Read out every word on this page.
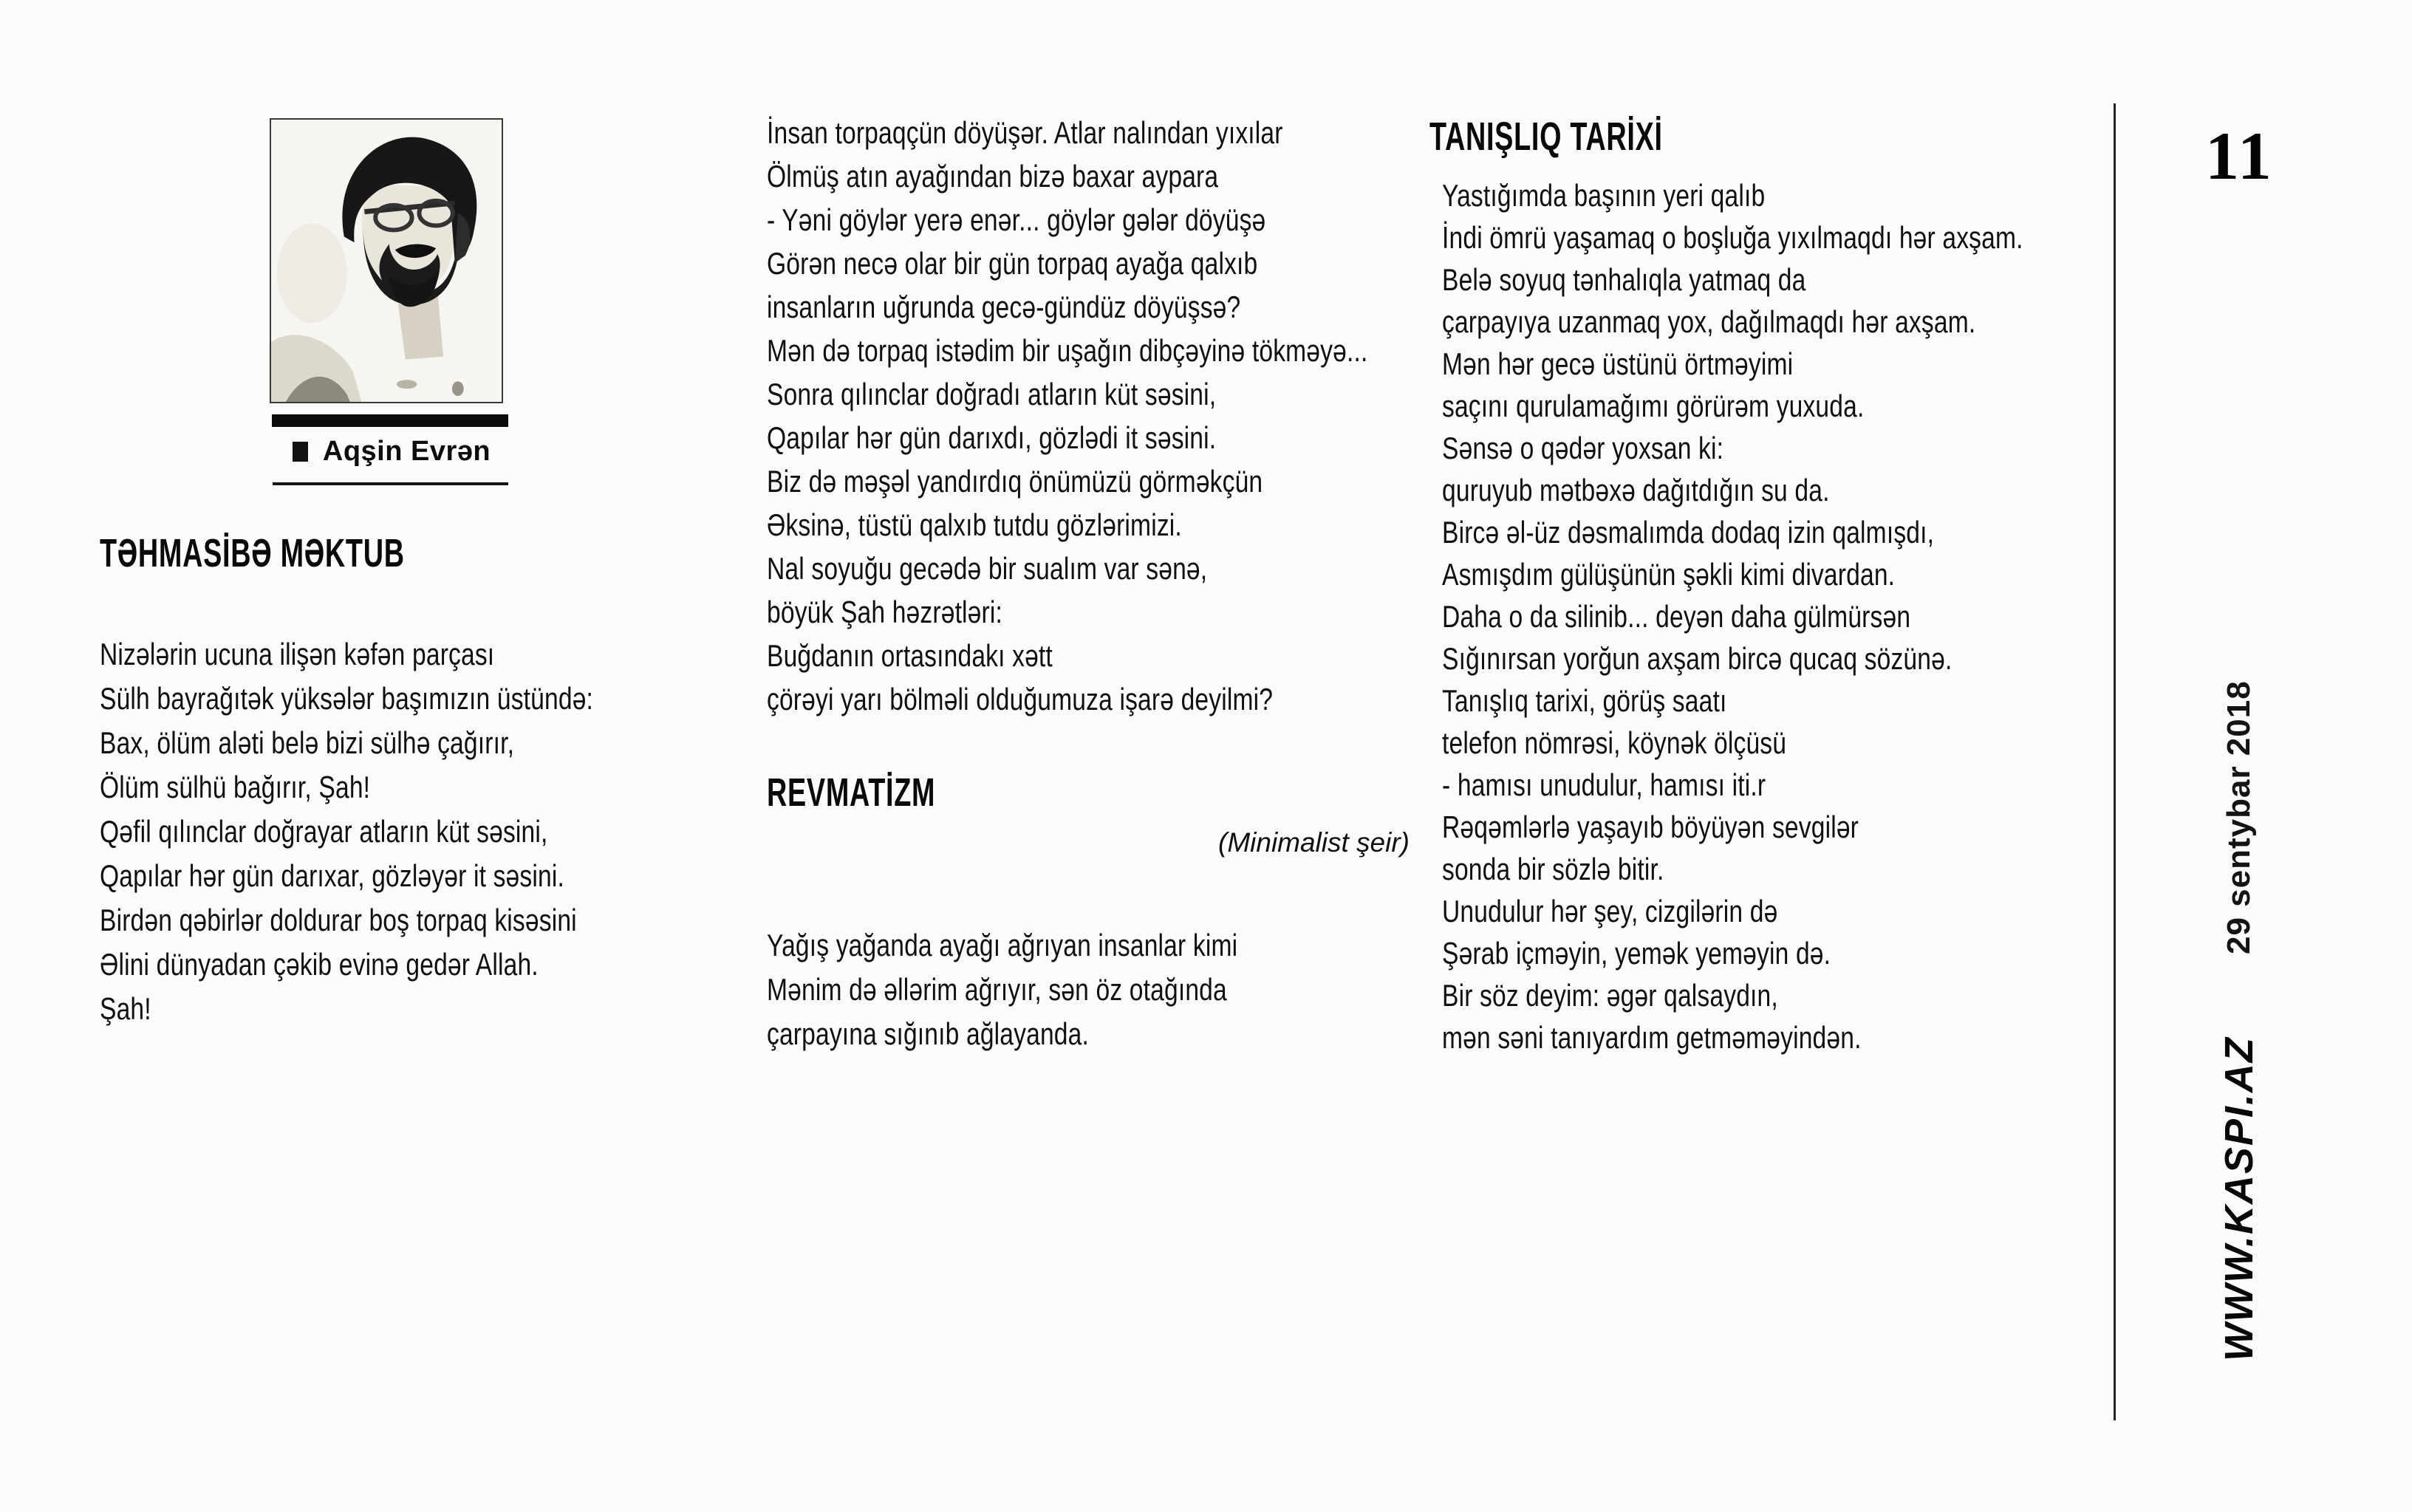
Aqşin Evrən
TƏHMASİBƏ MƏKTUB
Nizələrin ucuna ilişən kəfən parçası
Sülh bayrağıtək yüksələr başımızın üstündə:
Bax, ölüm aləti belə bizi sülhə çağırır,
Ölüm sülhü bağırır, Şah!
Qəfil qılınclar doğrayar atların küt səsini,
Qapılar hər gün darıxar, gözləyər it səsini.
Birdən qəbirlər doldurar boş torpaq kisəsini
Əlini dünyadan çəkib evinə gedər Allah.
Şah!
İnsan torpaqçün döyüşər. Atlar nalından yıxılar
Ölmüş atın ayağından bizə baxar aypara
- Yəni göylər yerə enər... göylər gələr döyüşə
Görən necə olar bir gün torpaq ayağa qalxıb
insanların uğrunda gecə-gündüz döyüşsə?
Mən də torpaq istədim bir uşağın dibçəyinə tökməyə...
Sonra qılınclar doğradı atların küt səsini,
Qapılar hər gün darıxdı, gözlədi it səsini.
Biz də məşəl yandırdıq önümüzü görməkçün
Əksinə, tüstü qalxıb tutdu gözlərimizi.
Nal soyuğu gecədə bir sualım var sənə,
böyük Şah həzrətləri:
Buğdanın ortasındakı xətt
çörəyi yarı bölməli olduğumuza işarə deyilmi?
REVMATİZM
(Minimalist şeir)
Yağış yağanda ayağı ağrıyan insanlar kimi
Mənim də əllərim ağrıyır, sən öz otağında
çarpayına sığınıb ağlayanda.
TANIŞLIQ TARİXİ
Yastığımda başının yeri qalıb
İndi ömrü yaşamaq o boşluğa yıxılmaqdı hər axşam.
Belə soyuq tənhalıqla yatmaq da
çarpayıya uzanmaq yox, dağılmaqdı hər axşam.
Mən hər gecə üstünü örtməyimi
saçını qurulamağımı görürəm yuxuda.
Sənsə o qədər yoxsan ki:
quruyub mətbəxə dağıtdığın su da.
Bircə əl-üz dəsmalımda dodaq izin qalmışdı,
Asmışdım gülüşünün şəkli kimi divardan.
Daha o da silinib... deyən daha gülmürsən
Sığınırsan yorğun axşam bircə qucaq sözünə.
Tanışlıq tarixi, görüş saatı
telefon nömrəsi, köynək ölçüsü
- hamısı unudulur, hamısı iti.r
Rəqəmlərlə yaşayıb böyüyən sevgilər
sonda bir sözlə bitir.
Unudulur hər şey, cizgilərin də
Şərab içməyin, yemək yeməyin də.
Bir söz deyim: əgər qalsaydın,
mən səni tanıyardım getməməyindən.
11
29 sentybar 2018
WWW.KASPI.AZ
